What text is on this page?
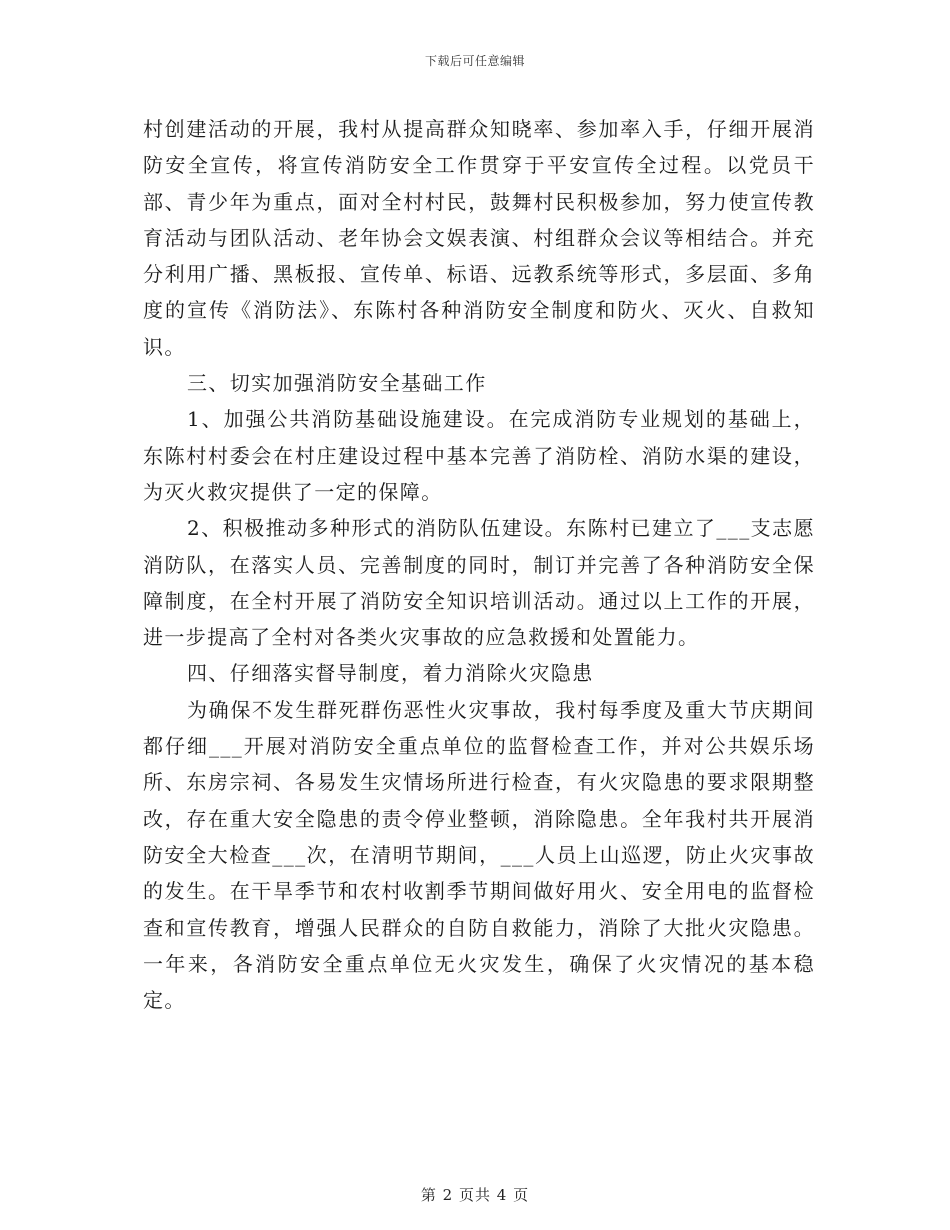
下载后可任意编辑

村创建活动的开展，我村从提高群众知晓率、参加率入手，仔细开展消防安全宣传，将宣传消防安全工作贯穿于平安宣传全过程。以党员干部、青少年为重点，面对全村村民，鼓舞村民积极参加，努力使宣传教育活动与团队活动、老年协会文娱表演、村组群众会议等相结合。并充分利用广播、黑板报、宣传单、标语、远教系统等形式，多层面、多角度的宣传《消防法》、东陈村各种消防安全制度和防火、灭火、自救知识。

三、切实加强消防安全基础工作

1、加强公共消防基础设施建设。在完成消防专业规划的基础上，东陈村村委会在村庄建设过程中基本完善了消防栓、消防水渠的建设，为灭火救灾提供了一定的保障。

2、积极推动多种形式的消防队伍建设。东陈村已建立了___支志愿消防队，在落实人员、完善制度的同时，制订并完善了各种消防安全保障制度，在全村开展了消防安全知识培训活动。通过以上工作的开展，进一步提高了全村对各类火灾事故的应急救援和处置能力。

四、仔细落实督导制度，着力消除火灾隐患

为确保不发生群死群伤恶性火灾事故，我村每季度及重大节庆期间都仔细___开展对消防安全重点单位的监督检查工作，并对公共娱乐场所、东房宗祠、各易发生灾情场所进行检查，有火灾隐患的要求限期整改，存在重大安全隐患的责令停业整顿，消除隐患。全年我村共开展消防安全大检查___次，在清明节期间，___人员上山巡逻，防止火灾事故的发生。在干旱季节和农村收割季节期间做好用火、安全用电的监督检查和宣传教育，增强人民群众的自防自救能力，消除了大批火灾隐患。一年来，各消防安全重点单位无火灾发生，确保了火灾情况的基本稳定。

第 2 页共 4 页
